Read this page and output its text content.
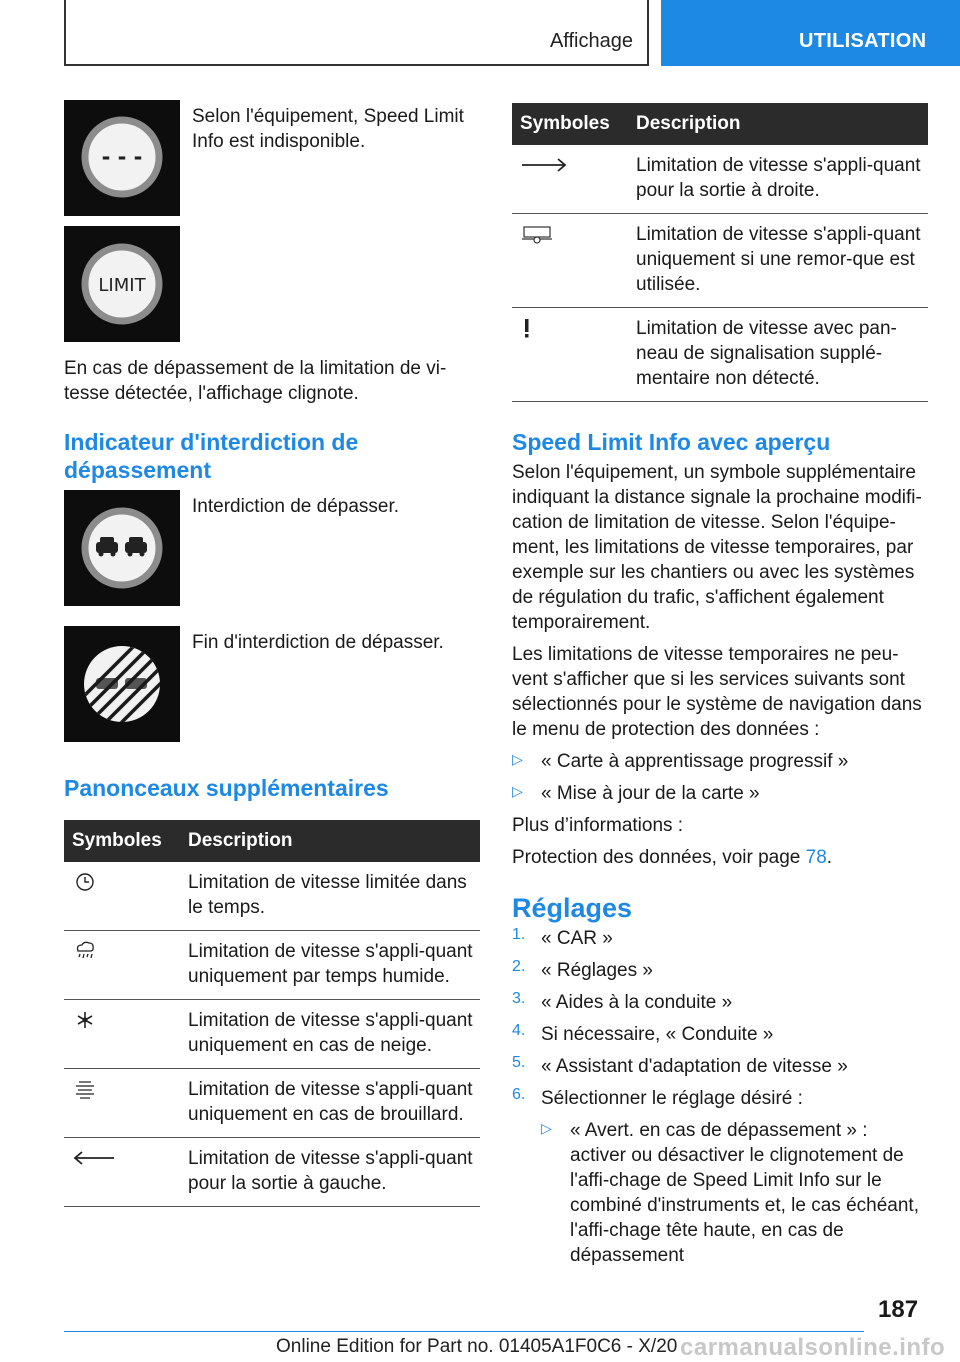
Affichage	UTILISATION
- - -

Selon l'équipement, Speed Limit Info est indisponible.

LIMIT

En cas de dépassement de la limitation de vi-tesse détectée, l'affichage clignote.

Indicateur d'interdiction de dépassement

Interdiction de dépasser.

Fin d'interdiction de dépasser.

Panonceaux supplémentaires
Symboles	Description

	Limitation de vitesse limitée dans le temps.

	Limitation de vitesse s'appli-quant uniquement par temps humide.

	Limitation de vitesse s'appli-quant uniquement en cas de neige.

	Limitation de vitesse s'appli-quant uniquement en cas de brouillard.

	Limitation de vitesse s'appli-quant pour la sortie à gauche.
Symboles	Description

	Limitation de vitesse s'appli-quant pour la sortie à droite.

	Limitation de vitesse s'appli-quant uniquement si une remor-que est utilisée.

	Limitation de vitesse avec pan-neau de signalisation supplé-mentaire non détecté.
Speed Limit Info avec aperçu

Selon l'équipement, un symbole supplémentaire indiquant la distance signale la prochaine modifi-cation de limitation de vitesse. Selon l'équipe-ment, les limitations de vitesse temporaires, par exemple sur les chantiers ou avec les systèmes de régulation du trafic, s'affichent également temporairement.

Les limitations de vitesse temporaires ne peu-vent s'afficher que si les services suivants sont sélectionnés pour le système de navigation dans le menu de protection des données :

▷ « Carte à apprentissage progressif »

▷ « Mise à jour de la carte »

Plus d’informations :

Protection des données, voir page 78.

Réglages
1. « CAR »

2. « Réglages »

3. « Aides à la conduite »

4. Si nécessaire, « Conduite »

5. « Assistant d'adaptation de vitesse »

6. Sélectionner le réglage désiré :

▷ « Avert. en cas de dépassement » : activer ou désactiver le clignotement de l'affi-chage de Speed Limit Info sur le combiné d'instruments et, le cas échéant, l'affi-chage tête haute, en cas de dépassement

187
Online Edition for Part no. 01405A1F0C6 - X/20 carmanualsonline.info
